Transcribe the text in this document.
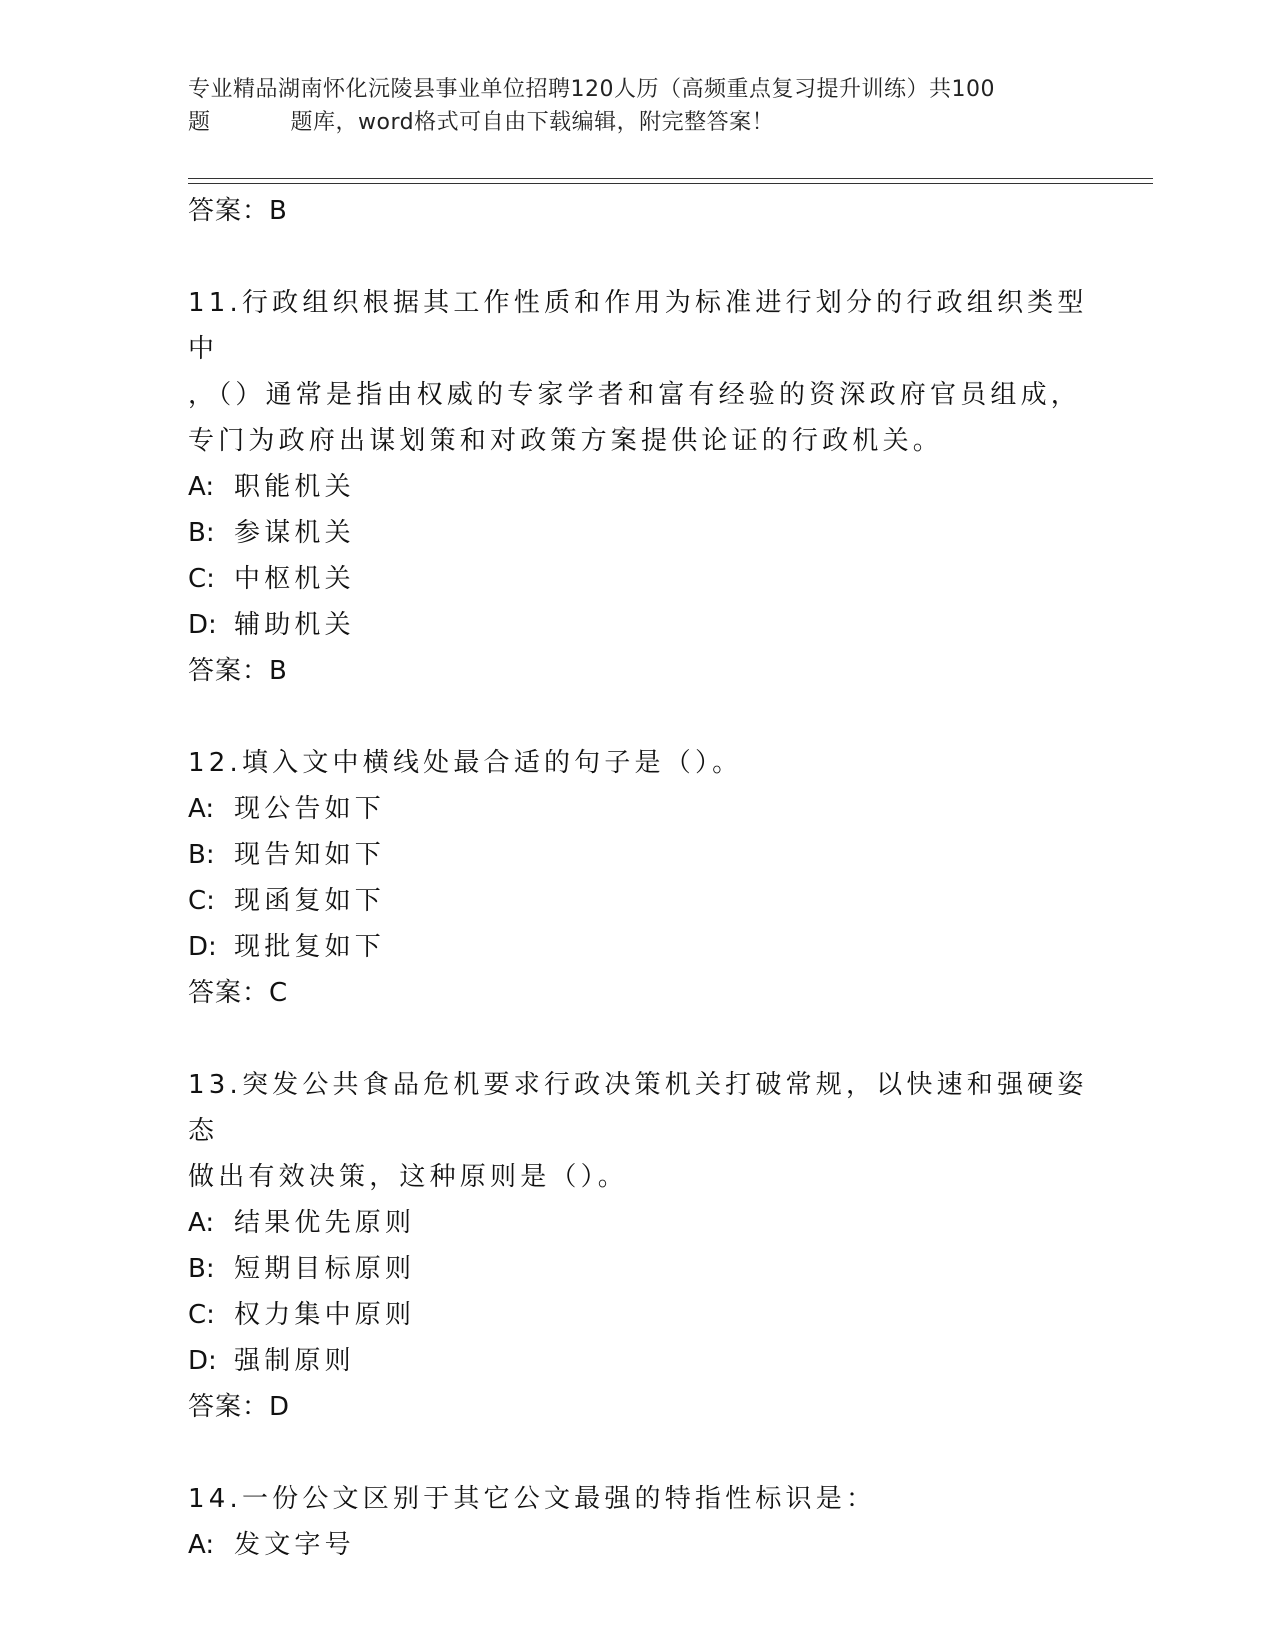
专业精品湖南怀化沅陵县事业单位招聘120人历（高频重点复习提升训练）共100
题	题库，word格式可自由下载编辑，附完整答案！
答案：B
11.行政组织根据其工作性质和作用为标准进行划分的行政组织类型中
，（）通常是指由权威的专家学者和富有经验的资深政府官员组成，
专门为政府出谋划策和对政策方案提供论证的行政机关。
A: 职能机关
B: 参谋机关
C: 中枢机关
D: 辅助机关
答案：B
12.填入文中横线处最合适的句子是（）。
A: 现公告如下
B: 现告知如下
C: 现函复如下
D: 现批复如下
答案：C
13.突发公共食品危机要求行政决策机关打破常规，以快速和强硬姿态
做出有效决策，这种原则是（）。
A: 结果优先原则
B: 短期目标原则
C: 权力集中原则
D: 强制原则
答案：D
14.一份公文区别于其它公文最强的特指性标识是：
A: 发文字号
